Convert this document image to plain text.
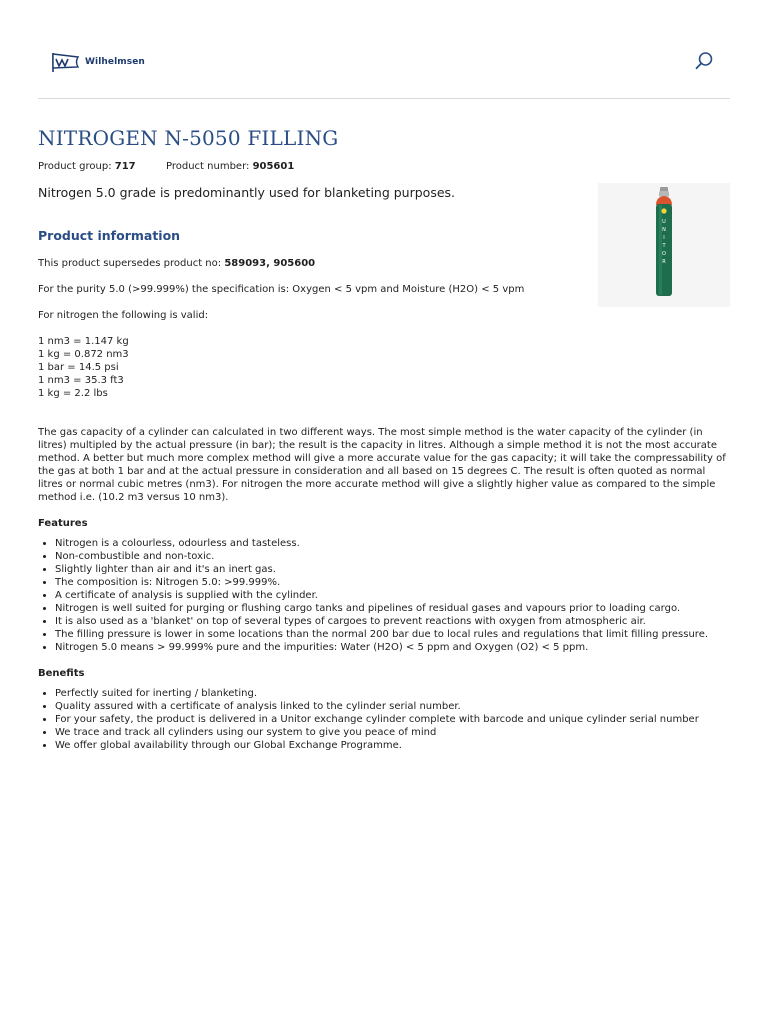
Wilhelmsen
NITROGEN N-5050 FILLING
Product group: 717	Product number: 905601
Nitrogen 5.0 grade is predominantly used for blanketing purposes.
U
N
I
T
O
R
Product information
This product supersedes product no: 589093, 905600
For the purity 5.0 (>99.999%) the specification is: Oxygen < 5 vpm and Moisture (H2O) < 5 vpm
For nitrogen the following is valid:
1 nm3 = 1.147 kg
1 kg = 0.872 nm3
1 bar = 14.5 psi
1 nm3 = 35.3 ft3
1 kg = 2.2 lbs

The gas capacity of a cylinder can calculated in two different ways. The most simple method is the water capacity of the cylinder (in litres) multipled by the actual pressure (in bar); the result is the capacity in litres. Although a simple method it is not the most accurate method. A better but much more complex method will give a more accurate value for the gas capacity; it will take the compressability of the gas at both 1 bar and at the actual pressure in consideration and all based on 15 degrees C. The result is often quoted as normal litres or normal cubic metres (nm3). For nitrogen the more accurate method will give a slightly higher value as compared to the simple method i.e. (10.2 m3 versus 10 nm3).

Features

• Nitrogen is a colourless, odourless and tasteless.
• Non-combustible and non-toxic.
• Slightly lighter than air and it's an inert gas.
• The composition is: Nitrogen 5.0: >99.999%.
• A certificate of analysis is supplied with the cylinder.
• Nitrogen is well suited for purging or flushing cargo tanks and pipelines of residual gases and vapours prior to loading cargo.
• It is also used as a 'blanket' on top of several types of cargoes to prevent reactions with oxygen from atmospheric air.
• The filling pressure is lower in some locations than the normal 200 bar due to local rules and regulations that limit filling pressure.
• Nitrogen 5.0 means > 99.999% pure and the impurities: Water (H2O) < 5 ppm and Oxygen (O2) < 5 ppm.

Benefits

• Perfectly suited for inerting / blanketing.
• Quality assured with a certificate of analysis linked to the cylinder serial number.
• For your safety, the product is delivered in a Unitor exchange cylinder complete with barcode and unique cylinder serial number
• We trace and track all cylinders using our system to give you peace of mind
• We offer global availability through our Global Exchange Programme.
